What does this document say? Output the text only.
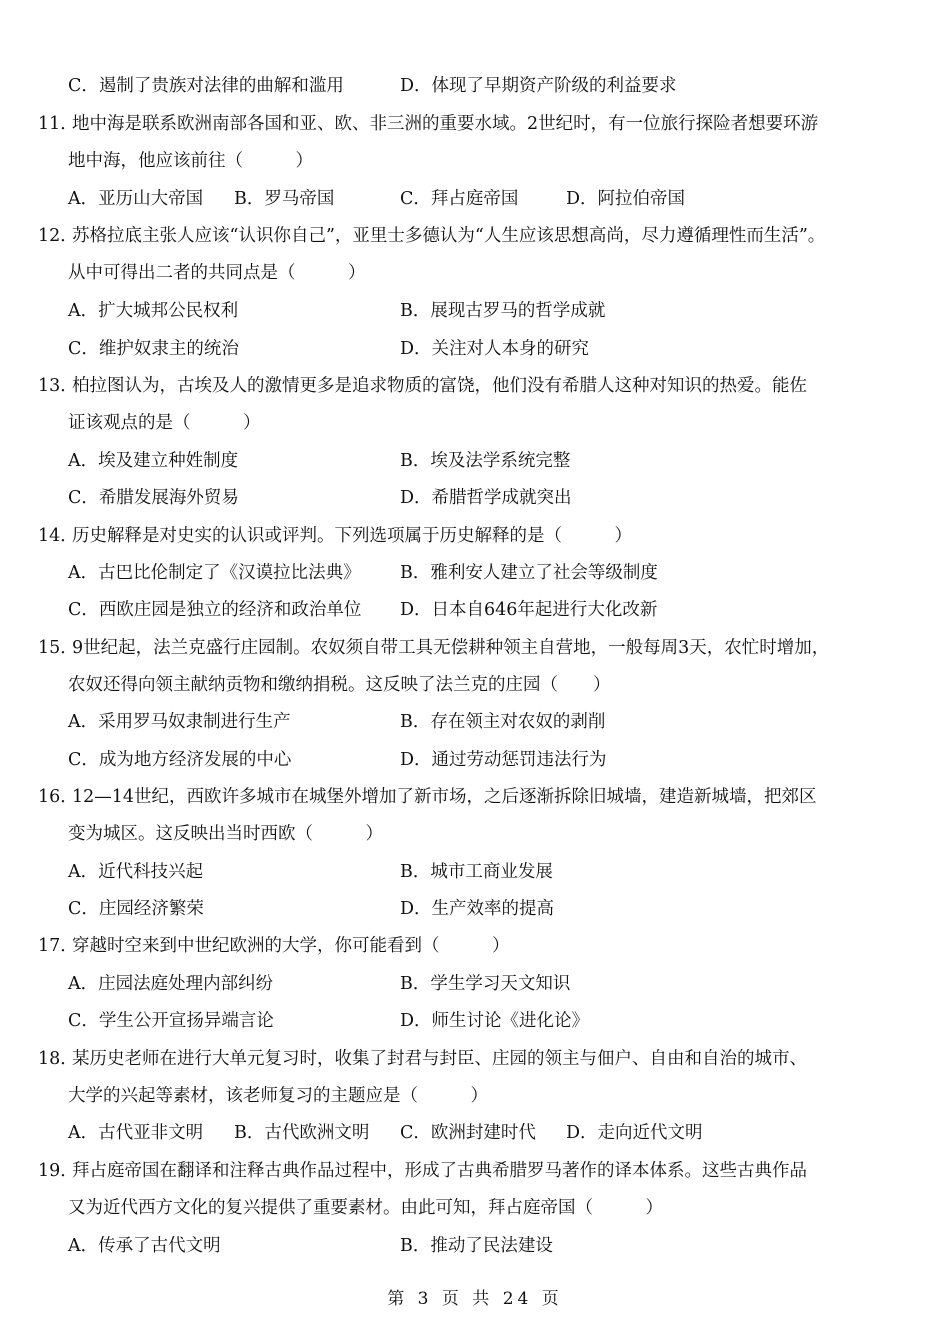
C．遏制了贵族对法律的曲解和滥用	D．体现了早期资产阶级的利益要求
11．
地中海是联系欧洲南部各国和亚、欧、非三洲的重要水域。2世纪时，有一位旅行探险者想要环游
地中海，他应该前往（　　　）
A．亚历山大帝国 B．罗马帝国	C．拜占庭帝国	D．阿拉伯帝国
12．
苏格拉底主张人应该“认识你自己”，亚里士多德认为“人生应该思想高尚，尽力遵循理性而生活”。
从中可得出二者的共同点是（　　　）
A．扩大城邦公民权利	B．展现古罗马的哲学成就
C．维护奴隶主的统治	D．关注对人本身的研究
13．
柏拉图认为，古埃及人的激情更多是追求物质的富饶，他们没有希腊人这种对知识的热爱。能佐
证该观点的是（　　　）
A．埃及建立种姓制度	B．埃及法学系统完整
C．希腊发展海外贸易	D．希腊哲学成就突出
14．
历史解释是对史实的认识或评判。下列选项属于历史解释的是（　　　）
A．古巴比伦制定了《汉谟拉比法典》 B．雅利安人建立了社会等级制度
C．西欧庄园是独立的经济和政治单位 D．日本自646年起进行大化改新
15．
9世纪起，法兰克盛行庄园制。农奴须自带工具无偿耕种领主自营地，一般每周3天，农忙时增加，
农奴还得向领主献纳贡物和缴纳捐税。这反映了法兰克的庄园（　　）
A．采用罗马奴隶制进行生产	B．存在领主对农奴的剥削
C．成为地方经济发展的中心	D．通过劳动惩罚违法行为
16．
12—14世纪，西欧许多城市在城堡外增加了新市场，之后逐渐拆除旧城墙，建造新城墙，把郊区
变为城区。这反映出当时西欧（　　　）
A．近代科技兴起	B．城市工商业发展
C．庄园经济繁荣	D．生产效率的提高
17．
穿越时空来到中世纪欧洲的大学，你可能看到（　　　）
A．庄园法庭处理内部纠纷	B．学生学习天文知识
C．学生公开宣扬异端言论	D．师生讨论《进化论》
18．
某历史老师在进行大单元复习时，收集了封君与封臣、庄园的领主与佃户、自由和自治的城市、
大学的兴起等素材，该老师复习的主题应是（　　　）
A．古代亚非文明 B．古代欧洲文明 C．欧洲封建时代 D．走向近代文明
19．
拜占庭帝国在翻译和注释古典作品过程中，形成了古典希腊罗马著作的译本体系。这些古典作品
又为近代西方文化的复兴提供了重要素材。由此可知，拜占庭帝国（　　　）
A．传承了古代文明	B．推动了民法建设
第 3 页 共 24 页
